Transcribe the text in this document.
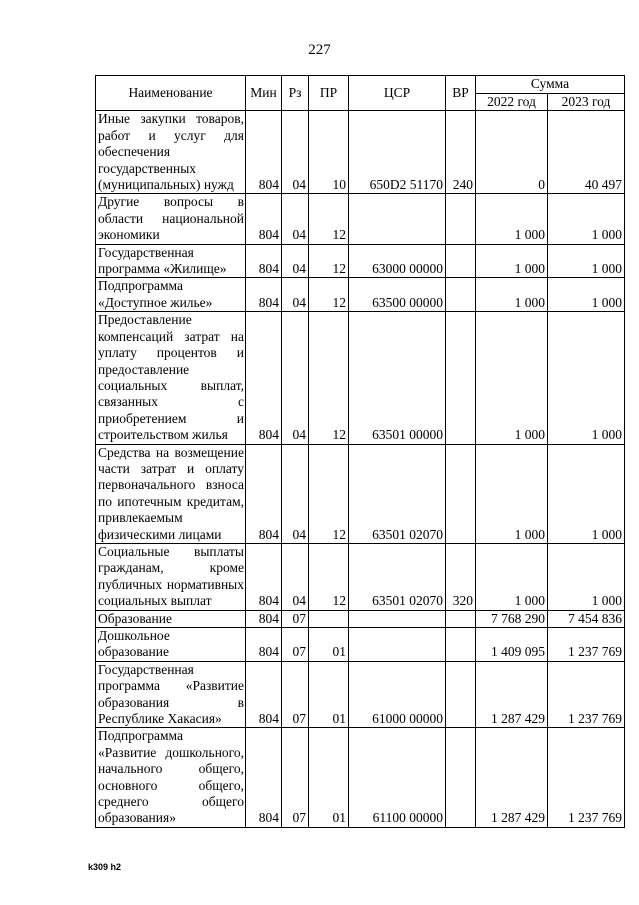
227
Наименование	Мин	Рз	ПР	ЦСР	ВР	Сумма	
						2022 год	2023 год
Иные закупки товаров, работ и услуг для обеспечения государственных (муниципальных) нужд	804	04	10	650D2 51170	240	0	40 497
Другие вопросы в области национальной экономики	804	04	12			1 000	1 000
Государственная программа «Жилище»	804	04	12	63000 00000		1 000	1 000
Подпрограмма «Доступное жилье»	804	04	12	63500 00000		1 000	1 000
Предоставление компенсаций затрат на уплату процентов и предоставление социальных выплат, связанных с приобретением и строительством жилья	804	04	12	63501 00000		1 000	1 000
Средства на возмещение части затрат и оплату первоначального взноса по ипотечным кредитам, привлекаемым физическими лицами	804	04	12	63501 02070		1 000	1 000
Социальные выплаты гражданам, кроме публичных нормативных социальных выплат	804	04	12	63501 02070	320	1 000	1 000
Образование	804	07				7 768 290	7 454 836
Дошкольное образование	804	07	01			1 409 095	1 237 769
Государственная программа «Развитие образования в Республике Хакасия»	804	07	01	61000 00000		1 287 429	1 237 769
Подпрограмма «Развитие дошкольного, начального общего, основного общего, среднего общего образования»	804	07	01	61100 00000		1 287 429	1 237 769
k309 h2
